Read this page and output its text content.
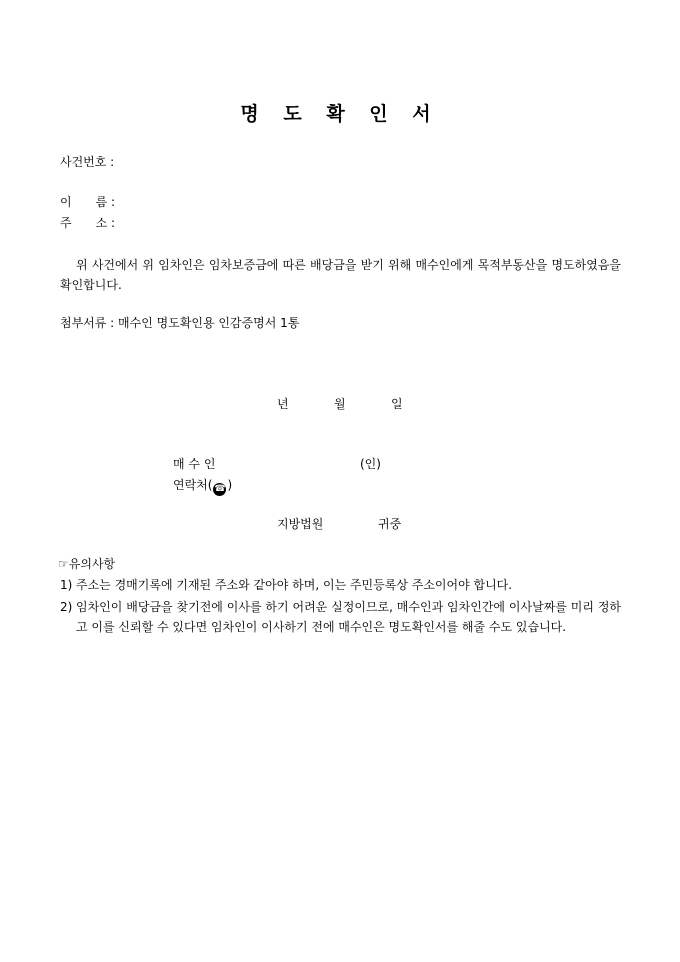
명 도 확 인 서
사건번호 :
이　　름 :
주　　소 :
위 사건에서 위 임차인은 임차보증금에 따른 배당금을 받기 위해 매수인에게 목적부동산을 명도하였음을 확인합니다.
첨부서류 : 매수인 명도확인용 인감증명서 1통
년	월	일
매 수 인	(인)
연락처( ☎ )
지방법원	귀중
☞유의사항
1) 주소는 경매기록에 기재된 주소와 같아야 하며, 이는 주민등록상 주소이어야 합니다.
2) 임차인이 배당금을 찾기전에 이사를 하기 어려운 실정이므로, 매수인과 임차인간에 이사날짜를 미리 정하고 이를 신뢰할 수 있다면 임차인이 이사하기 전에 매수인은 명도확인서를 해줄 수도 있습니다.
